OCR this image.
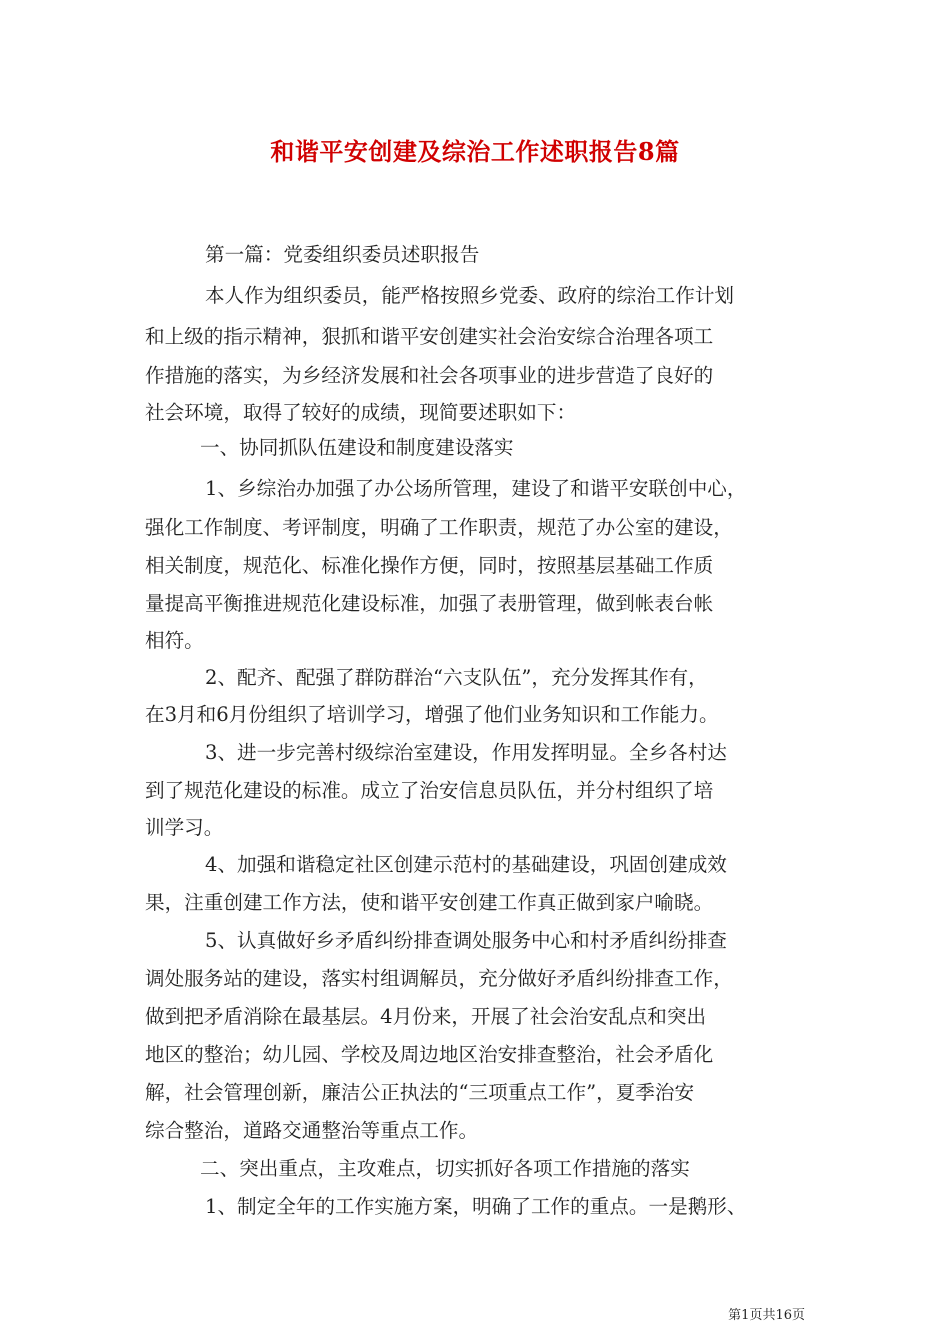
和谐平安创建及综治工作述职报告8篇

第一篇：党委组织委员述职报告

本人作为组织委员，能严格按照乡党委、政府的综治工作计划

和上级的指示精神，狠抓和谐平安创建实社会治安综合治理各项工

作措施的落实，为乡经济发展和社会各项事业的进步营造了良好的

社会环境，取得了较好的成绩，现简要述职如下：

一、协同抓队伍建设和制度建设落实

1、乡综治办加强了办公场所管理，建设了和谐平安联创中心，

强化工作制度、考评制度，明确了工作职责，规范了办公室的建设，

相关制度，规范化、标准化操作方便，同时，按照基层基础工作质

量提高平衡推进规范化建设标准，加强了表册管理，做到帐表台帐

相符。

2、配齐、配强了群防群治“六支队伍”，充分发挥其作有，

在3月和6月份组织了培训学习，增强了他们业务知识和工作能力。

3、进一步完善村级综治室建设，作用发挥明显。全乡各村达

到了规范化建设的标准。成立了治安信息员队伍，并分村组织了培

训学习。

4、加强和谐稳定社区创建示范村的基础建设，巩固创建成效

果，注重创建工作方法，使和谐平安创建工作真正做到家户喻晓。

5、认真做好乡矛盾纠纷排查调处服务中心和村矛盾纠纷排查

调处服务站的建设，落实村组调解员，充分做好矛盾纠纷排查工作，

做到把矛盾消除在最基层。4月份来，开展了社会治安乱点和突出

地区的整治；幼儿园、学校及周边地区治安排查整治，社会矛盾化

解，社会管理创新，廉洁公正执法的“三项重点工作”，夏季治安

综合整治，道路交通整治等重点工作。

二、突出重点，主攻难点，切实抓好各项工作措施的落实

1、制定全年的工作实施方案，明确了工作的重点。一是鹅形、

第1页共16页
